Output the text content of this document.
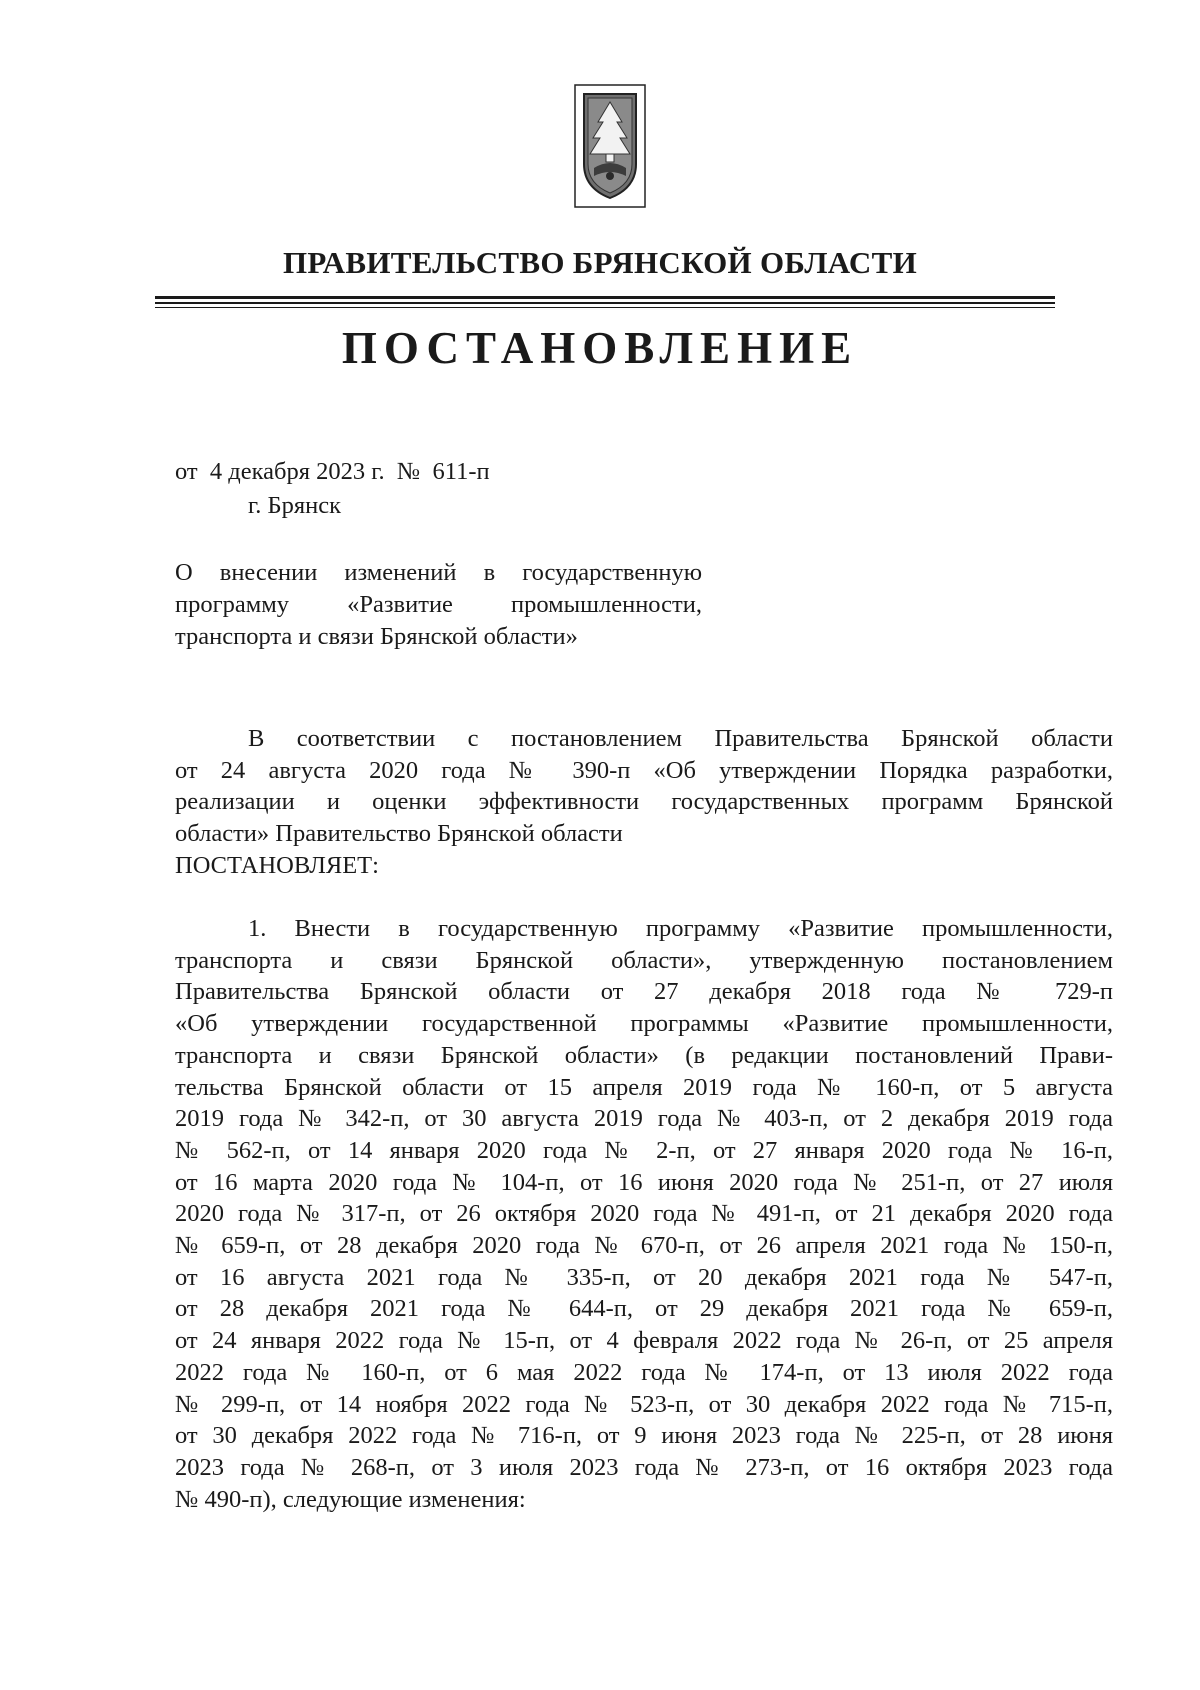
ПРАВИТЕЛЬСТВО БРЯНСКОЙ ОБЛАСТИ
ПОСТАНОВЛЕНИЕ
от  4 декабря 2023 г.  №  611-п
г. Брянск
О внесении изменений в государственную
программу «Развитие промышленности,
транспорта и связи Брянской области»
В соответствии с постановлением Правительства Брянской области
от 24 августа 2020 года № 390-п «Об утверждении Порядка разработки,
реализации и оценки эффективности государственных программ Брянской
области» Правительство Брянской области
ПОСТАНОВЛЯЕТ:
1. Внести в государственную программу «Развитие промышленности,
транспорта и связи Брянской области», утвержденную постановлением
Правительства Брянской области от 27 декабря 2018 года № 729-п
«Об утверждении государственной программы «Развитие промышленности,
транспорта и связи Брянской области» (в редакции постановлений Прави-
тельства Брянской области от 15 апреля 2019 года № 160-п, от 5 августа
2019 года № 342-п, от 30 августа 2019 года № 403-п, от 2 декабря 2019 года
№ 562-п, от 14 января 2020 года № 2-п, от 27 января 2020 года № 16-п,
от 16 марта 2020 года № 104-п, от 16 июня 2020 года № 251-п, от 27 июля
2020 года № 317-п, от 26 октября 2020 года № 491-п, от 21 декабря 2020 года
№ 659-п, от 28 декабря 2020 года № 670-п, от 26 апреля 2021 года № 150-п,
от 16 августа 2021 года № 335-п, от 20 декабря 2021 года № 547-п,
от 28 декабря 2021 года № 644-п, от 29 декабря 2021 года № 659-п,
от 24 января 2022 года № 15-п, от 4 февраля 2022 года № 26-п, от 25 апреля
2022 года № 160-п, от 6 мая 2022 года № 174-п, от 13 июля 2022 года
№ 299-п, от 14 ноября 2022 года № 523-п, от 30 декабря 2022 года № 715-п,
от 30 декабря 2022 года № 716-п, от 9 июня 2023 года № 225-п, от 28 июня
2023 года № 268-п, от 3 июля 2023 года № 273-п, от 16 октября 2023 года
№ 490-п), следующие изменения:
